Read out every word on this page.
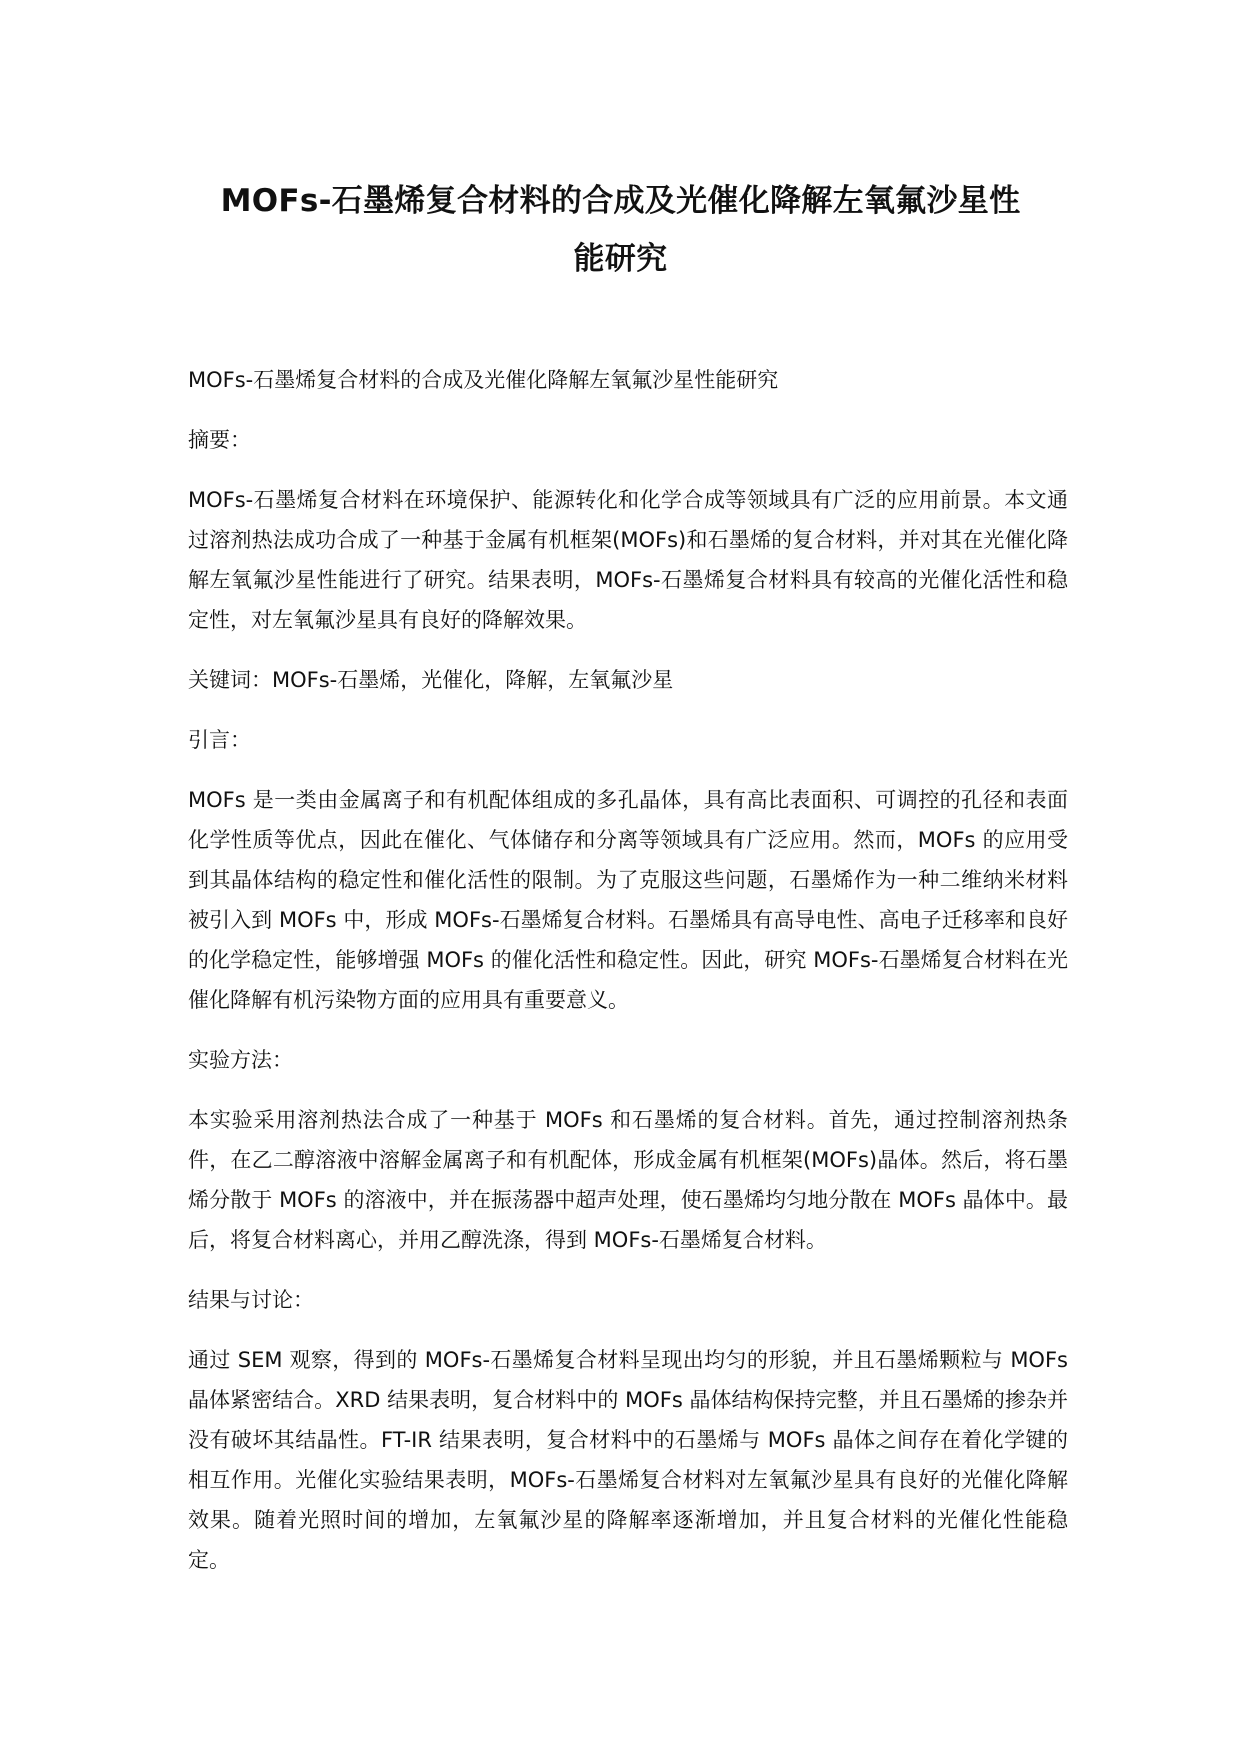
MOFs-石墨烯复合材料的合成及光催化降解左氧氟沙星性
能研究

MOFs-石墨烯复合材料的合成及光催化降解左氧氟沙星性能研究

摘要：

MOFs-石墨烯复合材料在环境保护、能源转化和化学合成等领域具有广泛的应用前景。本文通过溶剂热法成功合成了一种基于金属有机框架(MOFs)和石墨烯的复合材料，并对其在光催化降解左氧氟沙星性能进行了研究。结果表明，MOFs-石墨烯复合材料具有较高的光催化活性和稳定性，对左氧氟沙星具有良好的降解效果。

关键词：MOFs-石墨烯，光催化，降解，左氧氟沙星

引言：

MOFs 是一类由金属离子和有机配体组成的多孔晶体，具有高比表面积、可调控的孔径和表面化学性质等优点，因此在催化、气体储存和分离等领域具有广泛应用。然而，MOFs 的应用受到其晶体结构的稳定性和催化活性的限制。为了克服这些问题，石墨烯作为一种二维纳米材料被引入到 MOFs 中，形成 MOFs-石墨烯复合材料。石墨烯具有高导电性、高电子迁移率和良好的化学稳定性，能够增强 MOFs 的催化活性和稳定性。因此，研究 MOFs-石墨烯复合材料在光催化降解有机污染物方面的应用具有重要意义。

实验方法：

本实验采用溶剂热法合成了一种基于 MOFs 和石墨烯的复合材料。首先，通过控制溶剂热条件，在乙二醇溶液中溶解金属离子和有机配体，形成金属有机框架(MOFs)晶体。然后，将石墨烯分散于 MOFs 的溶液中，并在振荡器中超声处理，使石墨烯均匀地分散在 MOFs 晶体中。最后，将复合材料离心，并用乙醇洗涤，得到 MOFs-石墨烯复合材料。

结果与讨论：

通过 SEM 观察，得到的 MOFs-石墨烯复合材料呈现出均匀的形貌，并且石墨烯颗粒与 MOFs 晶体紧密结合。XRD 结果表明，复合材料中的 MOFs 晶体结构保持完整，并且石墨烯的掺杂并没有破坏其结晶性。FT-IR 结果表明，复合材料中的石墨烯与 MOFs 晶体之间存在着化学键的相互作用。光催化实验结果表明，MOFs-石墨烯复合材料对左氧氟沙星具有良好的光催化降解效果。随着光照时间的增加，左氧氟沙星的降解率逐渐增加，并且复合材料的光催化性能稳定。
